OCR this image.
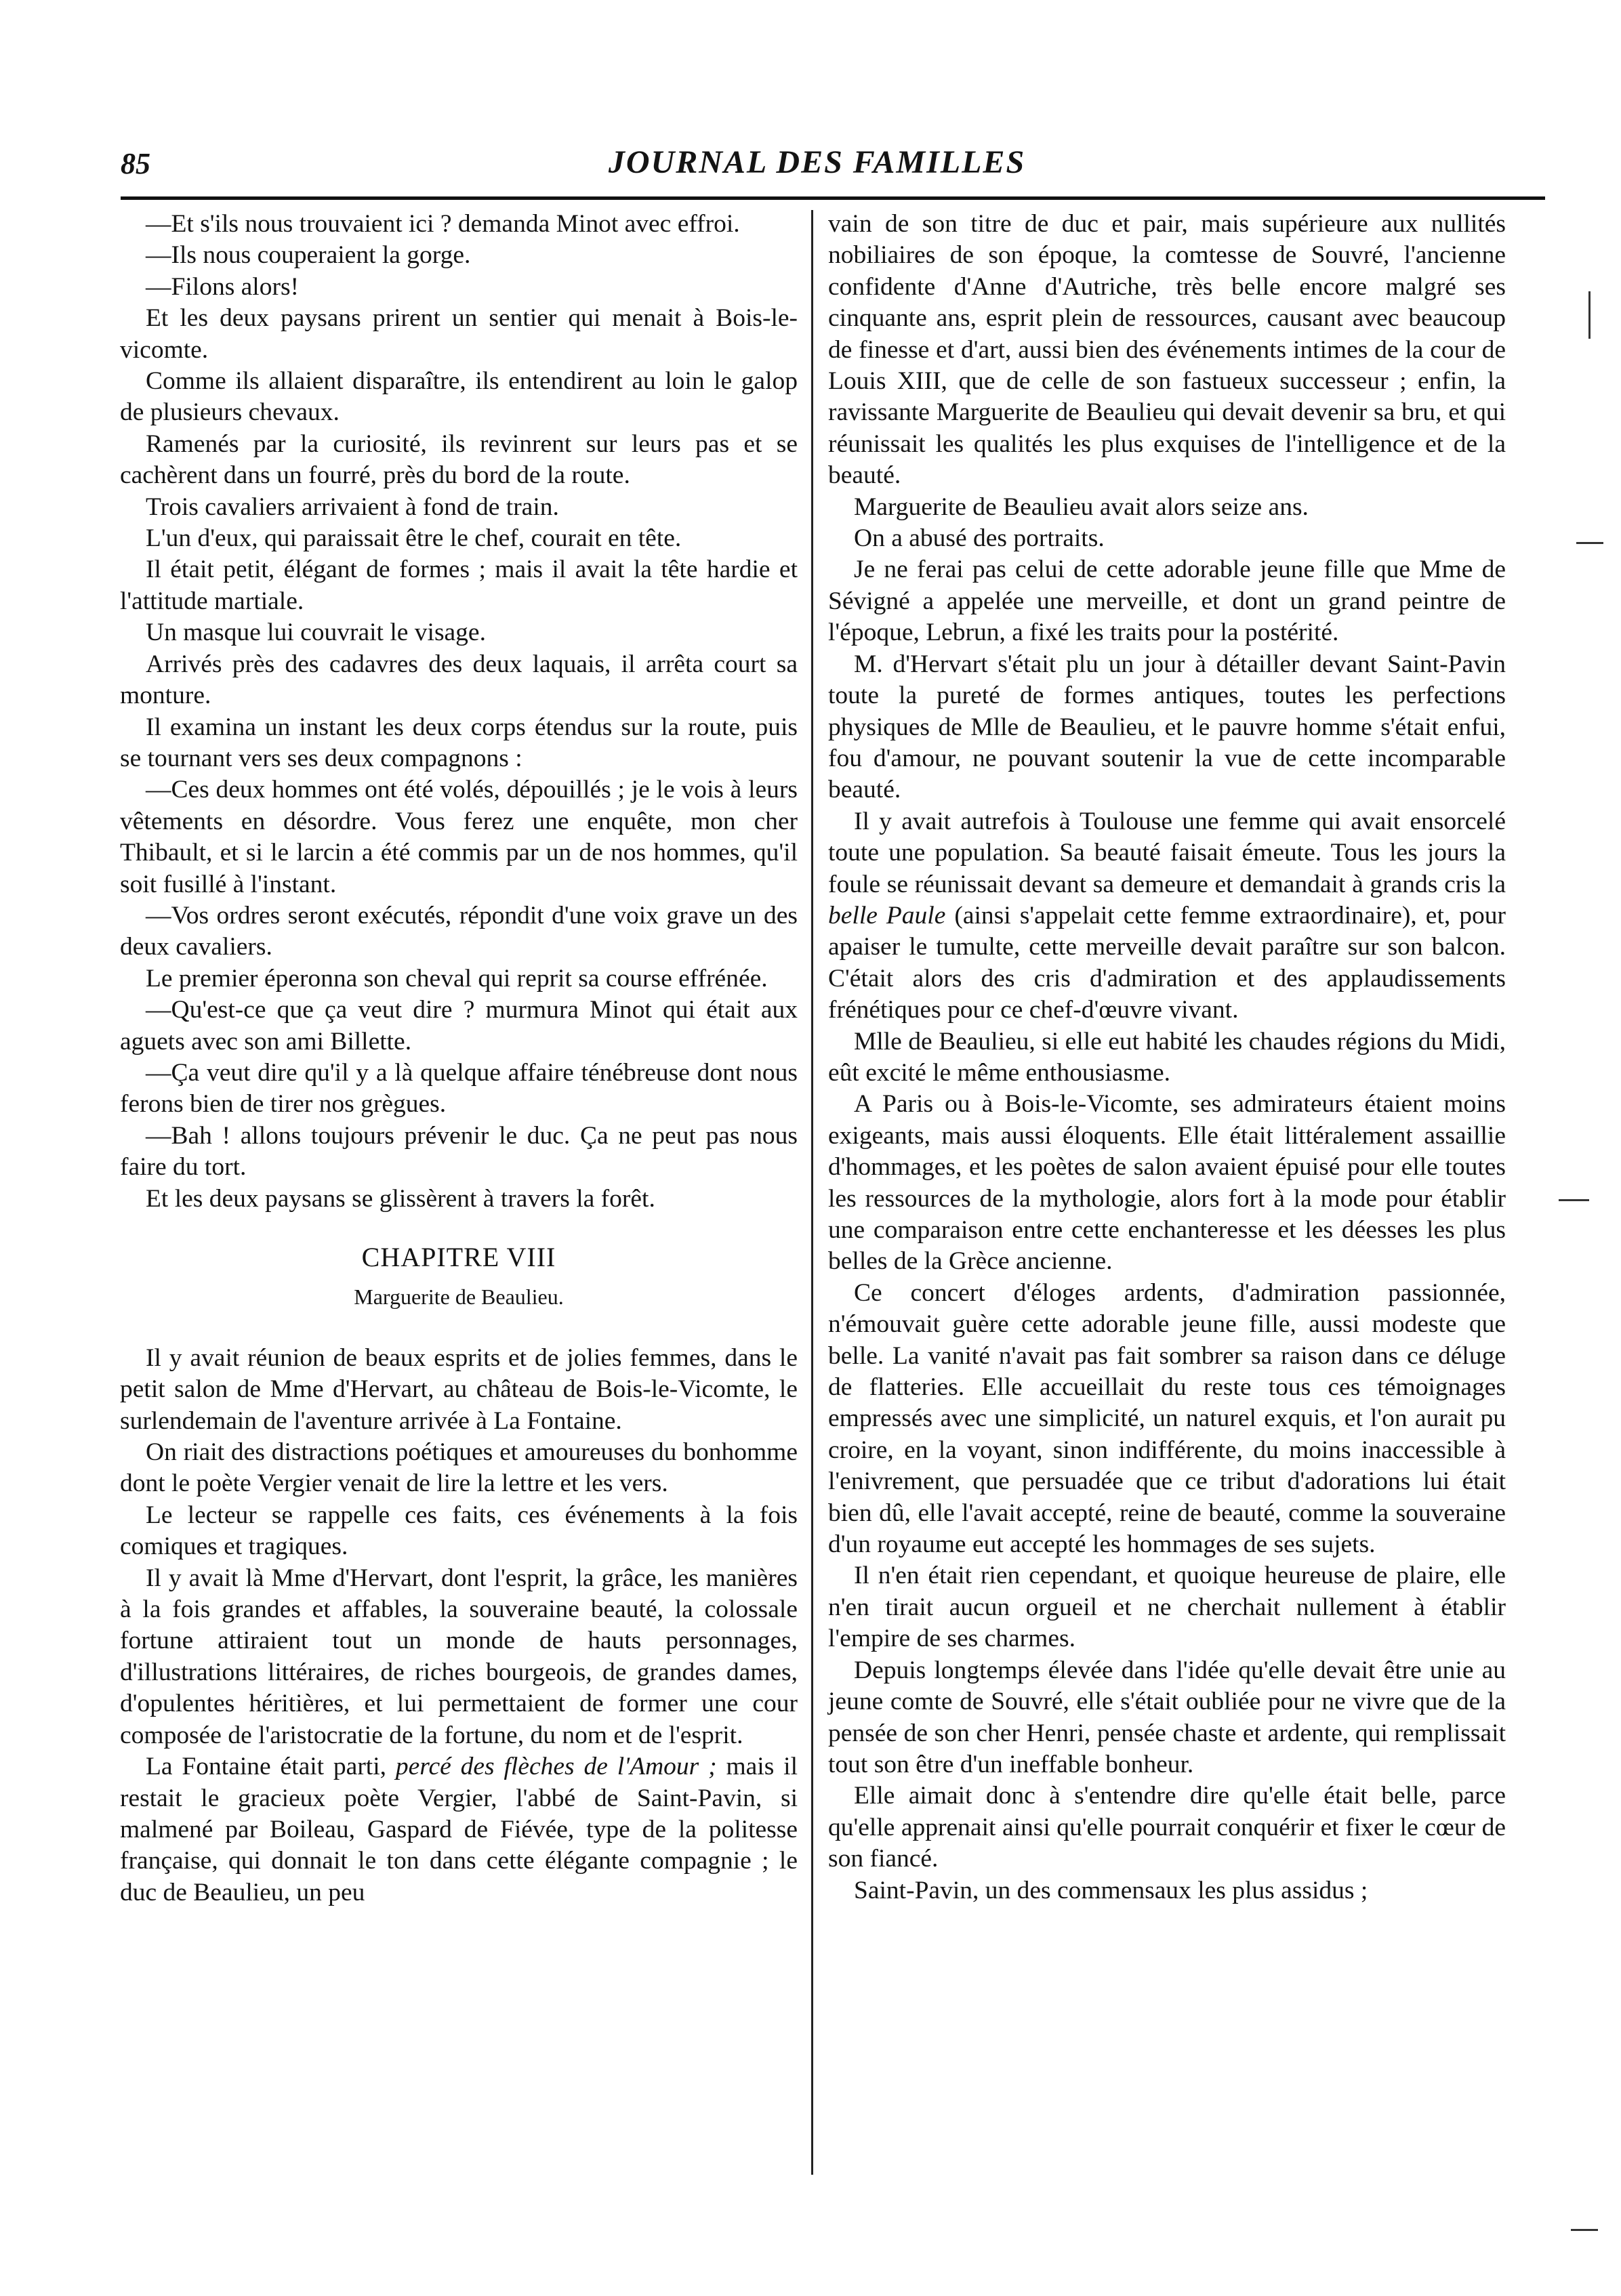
85	JOURNAL DES FAMILLES

—Et s'ils nous trouvaient ici ? demanda Minot avec effroi.

—Ils nous couperaient la gorge.

—Filons alors!

Et les deux paysans prirent un sentier qui menait à Bois-le-vicomte.

Comme ils allaient disparaître, ils entendirent au loin le galop de plusieurs chevaux.

Ramenés par la curiosité, ils revinrent sur leurs pas et se cachèrent dans un fourré, près du bord de la route.

Trois cavaliers arrivaient à fond de train.

L'un d'eux, qui paraissait être le chef, courait en tête.

Il était petit, élégant de formes ; mais il avait la tête hardie et l'attitude martiale.

Un masque lui couvrait le visage.

Arrivés près des cadavres des deux laquais, il arrêta court sa monture.

Il examina un instant les deux corps étendus sur la route, puis se tournant vers ses deux compagnons :

—Ces deux hommes ont été volés, dépouillés ; je le vois à leurs vêtements en désordre. Vous ferez une enquête, mon cher Thibault, et si le larcin a été commis par un de nos hommes, qu'il soit fusillé à l'instant.

—Vos ordres seront exécutés, répondit d'une voix grave un des deux cavaliers.

Le premier éperonna son cheval qui reprit sa course effrénée.

—Qu'est-ce que ça veut dire ? murmura Minot qui était aux aguets avec son ami Billette.

—Ça veut dire qu'il y a là quelque affaire ténébreuse dont nous ferons bien de tirer nos grègues.

—Bah ! allons toujours prévenir le duc. Ça ne peut pas nous faire du tort.

Et les deux paysans se glissèrent à travers la forêt.

CHAPITRE VIII
Marguerite de Beaulieu.

Il y avait réunion de beaux esprits et de jolies femmes, dans le petit salon de Mme d'Hervart, au château de Bois-le-Vicomte, le surlendemain de l'aventure arrivée à La Fontaine.

On riait des distractions poétiques et amoureuses du bonhomme dont le poète Vergier venait de lire la lettre et les vers.

Le lecteur se rappelle ces faits, ces événements à la fois comiques et tragiques.

Il y avait là Mme d'Hervart, dont l'esprit, la grâce, les manières à la fois grandes et affables, la souveraine beauté, la colossale fortune attiraient tout un monde de hauts personnages, d'illustrations littéraires, de riches bourgeois, de grandes dames, d'opulentes héritières, et lui permettaient de former une cour composée de l'aristocratie de la fortune, du nom et de l'esprit.

La Fontaine était parti, percé des flèches de l'Amour ; mais il restait le gracieux poète Vergier, l'abbé de Saint-Pavin, si malmené par Boileau, Gaspard de Fiévée, type de la politesse française, qui donnait le ton dans cette élégante compagnie ; le duc de Beaulieu, un peu

vain de son titre de duc et pair, mais supérieure aux nullités nobiliaires de son époque, la comtesse de Souvré, l'ancienne confidente d'Anne d'Autriche, très belle encore malgré ses cinquante ans, esprit plein de ressources, causant avec beaucoup de finesse et d'art, aussi bien des événements intimes de la cour de Louis XIII, que de celle de son fastueux successeur ; enfin, la ravissante Marguerite de Beaulieu qui devait devenir sa bru, et qui réunissait les qualités les plus exquises de l'intelligence et de la beauté.

Marguerite de Beaulieu avait alors seize ans.

On a abusé des portraits.

Je ne ferai pas celui de cette adorable jeune fille que Mme de Sévigné a appelée une merveille, et dont un grand peintre de l'époque, Lebrun, a fixé les traits pour la postérité.

M. d'Hervart s'était plu un jour à détailler devant Saint-Pavin toute la pureté de formes antiques, toutes les perfections physiques de Mlle de Beaulieu, et le pauvre homme s'était enfui, fou d'amour, ne pouvant soutenir la vue de cette incomparable beauté.

Il y avait autrefois à Toulouse une femme qui avait ensorcelé toute une population. Sa beauté faisait émeute. Tous les jours la foule se réunissait devant sa demeure et demandait à grands cris la belle Paule (ainsi s'appelait cette femme extraordinaire), et, pour apaiser le tumulte, cette merveille devait paraître sur son balcon. C'était alors des cris d'admiration et des applaudissements frénétiques pour ce chef-d'œuvre vivant.

Mlle de Beaulieu, si elle eut habité les chaudes régions du Midi, eût excité le même enthousiasme.

A Paris ou à Bois-le-Vicomte, ses admirateurs étaient moins exigeants, mais aussi éloquents. Elle était littéralement assaillie d'hommages, et les poètes de salon avaient épuisé pour elle toutes les ressources de la mythologie, alors fort à la mode pour établir une comparaison entre cette enchanteresse et les déesses les plus belles de la Grèce ancienne.

Ce concert d'éloges ardents, d'admiration passionnée, n'émouvait guère cette adorable jeune fille, aussi modeste que belle. La vanité n'avait pas fait sombrer sa raison dans ce déluge de flatteries. Elle accueillait du reste tous ces témoignages empressés avec une simplicité, un naturel exquis, et l'on aurait pu croire, en la voyant, sinon indifférente, du moins inaccessible à l'enivrement, que persuadée que ce tribut d'adorations lui était bien dû, elle l'avait accepté, reine de beauté, comme la souveraine d'un royaume eut accepté les hommages de ses sujets.

Il n'en était rien cependant, et quoique heureuse de plaire, elle n'en tirait aucun orgueil et ne cherchait nullement à établir l'empire de ses charmes.

Depuis longtemps élevée dans l'idée qu'elle devait être unie au jeune comte de Souvré, elle s'était oubliée pour ne vivre que de la pensée de son cher Henri, pensée chaste et ardente, qui remplissait tout son être d'un ineffable bonheur.

Elle aimait donc à s'entendre dire qu'elle était belle, parce qu'elle apprenait ainsi qu'elle pourrait conquérir et fixer le cœur de son fiancé.

Saint-Pavin, un des commensaux les plus assidus ;
